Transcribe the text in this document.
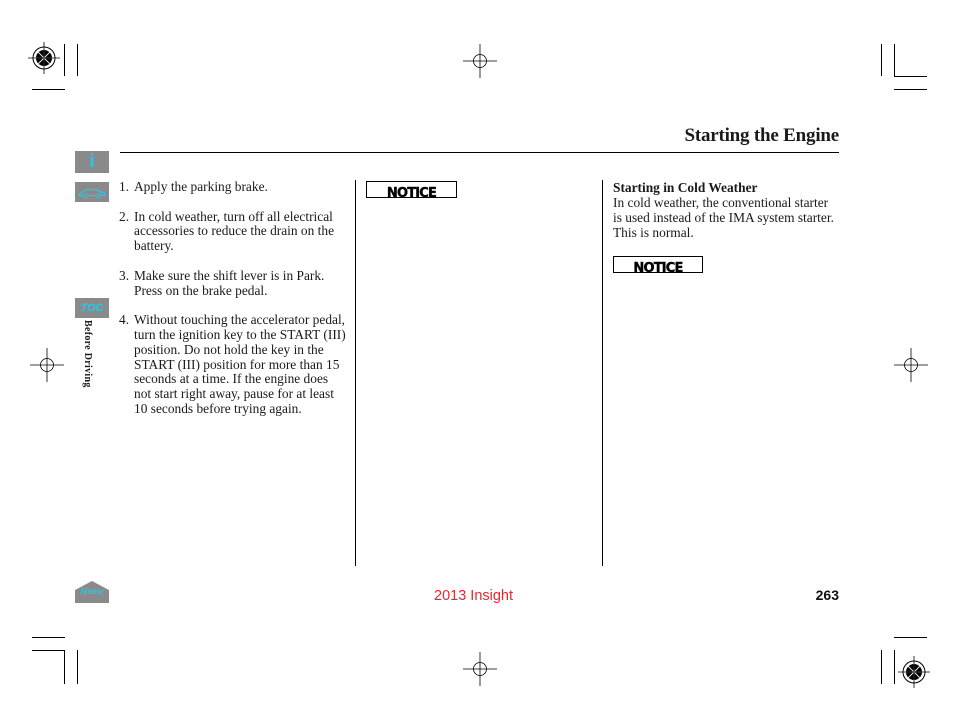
Starting the Engine
i
TOC
Before Driving
Home
1. Apply the parking brake.
2. In cold weather, turn off all electrical accessories to reduce the drain on the battery.
3. Make sure the shift lever is in Park. Press on the brake pedal.
4. Without touching the accelerator pedal, turn the ignition key to the START (III) position. Do not hold the key in the START (III) position for more than 15 seconds at a time. If the engine does not start right away, pause for at least 10 seconds before trying again.
NOTICE	Starting in Cold Weather
In cold weather, the conventional starter is used instead of the IMA system starter. This is normal.
NOTICE
2013 Insight	263
